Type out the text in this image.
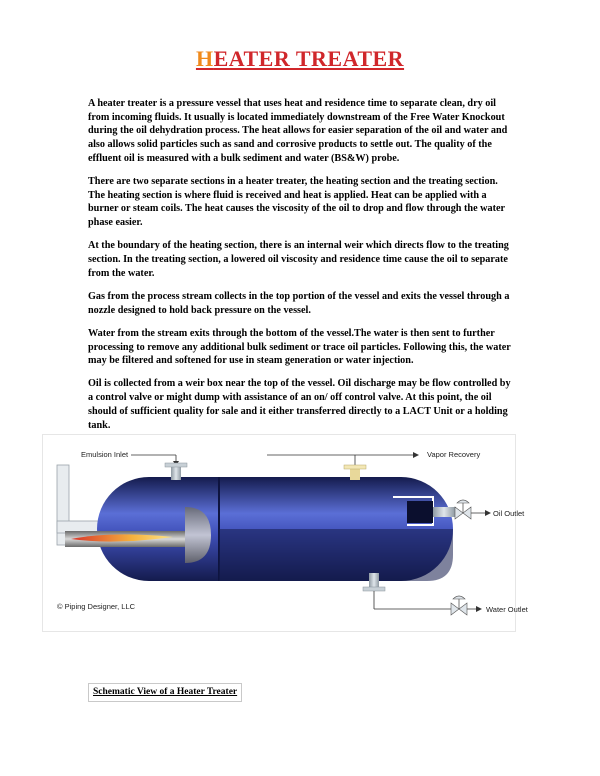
HEATER TREATER

A heater treater is a pressure vessel that uses heat and residence time to separate clean, dry oil from incoming fluids. It usually is located immediately downstream of the Free Water Knockout during the oil dehydration process. The heat allows for easier separation of the oil and water and also allows solid particles such as sand and corrosive products to settle out. The quality of the effluent oil is measured with a bulk sediment and water (BS&W) probe.

There are two separate sections in a heater treater, the heating section and the treating section. The heating section is where fluid is received and heat is applied. Heat can be applied with a burner or steam coils. The heat causes the viscosity of the oil to drop and flow through the water phase easier.

At the boundary of the heating section, there is an internal weir which directs flow to the treating section. In the treating section, a lowered oil viscosity and residence time cause the oil to separate from the water.

Gas from the process stream collects in the top portion of the vessel and exits the vessel through a nozzle designed to hold back pressure on the vessel.

Water from the stream exits through the bottom of the vessel.The water is then sent to further processing to remove any additional bulk sediment or trace oil particles. Following this, the water may be filtered and softened for use in steam generation or water injection.

Oil is collected from a weir box near the top of the vessel. Oil discharge may be flow controlled by a control valve or might dump with assistance of an on/ off control valve. At this point, the oil should of sufficient quality for sale and it either transferred directly to a LACT Unit or a holding tank.

Emulsion Inlet	Vapor Recovery
Oil Outlet
Water Outlet
© Piping Designer, LLC
Schematic View of a Heater Treater
